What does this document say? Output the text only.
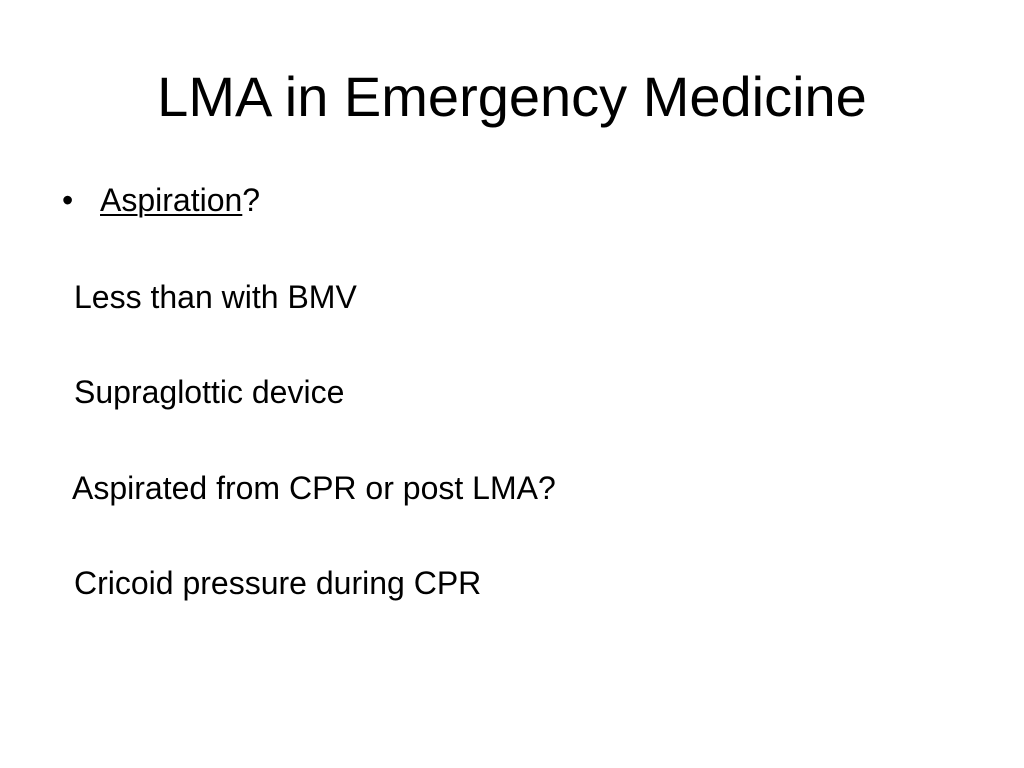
LMA in Emergency Medicine
• Aspiration?
Less than with BMV
Supraglottic device
Aspirated from CPR or post LMA?
Cricoid pressure during CPR
